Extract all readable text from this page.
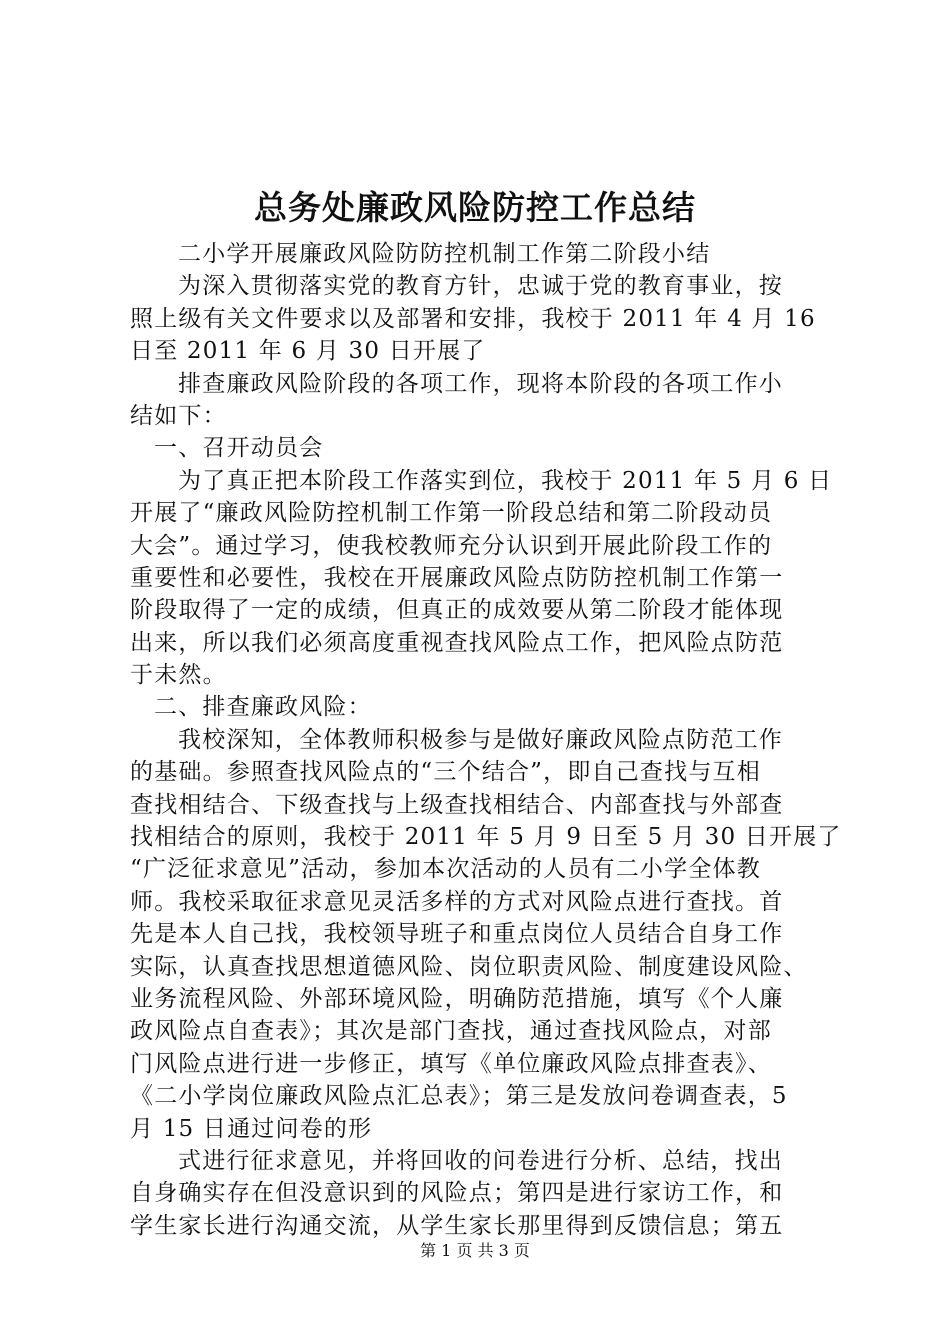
总务处廉政风险防控工作总结
二小学开展廉政风险防防控机制工作第二阶段小结
为深入贯彻落实党的教育方针，忠诚于党的教育事业，按
照上级有关文件要求以及部署和安排，我校于 2011 年 4 月 16
日至 2011 年 6 月 30 日开展了
排查廉政风险阶段的各项工作，现将本阶段的各项工作小
结如下：
一、召开动员会
为了真正把本阶段工作落实到位，我校于 2011 年 5 月 6 日
开展了“廉政风险防控机制工作第一阶段总结和第二阶段动员
大会”。通过学习，使我校教师充分认识到开展此阶段工作的
重要性和必要性，我校在开展廉政风险点防防控机制工作第一
阶段取得了一定的成绩，但真正的成效要从第二阶段才能体现
出来，所以我们必须高度重视查找风险点工作，把风险点防范
于未然。
二、排查廉政风险：
我校深知，全体教师积极参与是做好廉政风险点防范工作
的基础。参照查找风险点的“三个结合”，即自己查找与互相
查找相结合、下级查找与上级查找相结合、内部查找与外部查
找相结合的原则，我校于 2011 年 5 月 9 日至 5 月 30 日开展了
“广泛征求意见”活动，参加本次活动的人员有二小学全体教
师。我校采取征求意见灵活多样的方式对风险点进行查找。首
先是本人自己找，我校领导班子和重点岗位人员结合自身工作
实际，认真查找思想道德风险、岗位职责风险、制度建设风险、
业务流程风险、外部环境风险，明确防范措施，填写《个人廉
政风险点自查表》；其次是部门查找，通过查找风险点，对部
门风险点进行进一步修正，填写《单位廉政风险点排查表》、
《二小学岗位廉政风险点汇总表》；第三是发放问卷调查表，5
月 15 日通过问卷的形
式进行征求意见，并将回收的问卷进行分析、总结，找出
自身确实存在但没意识到的风险点；第四是进行家访工作，和
学生家长进行沟通交流，从学生家长那里得到反馈信息；第五
第 1 页 共 3 页
